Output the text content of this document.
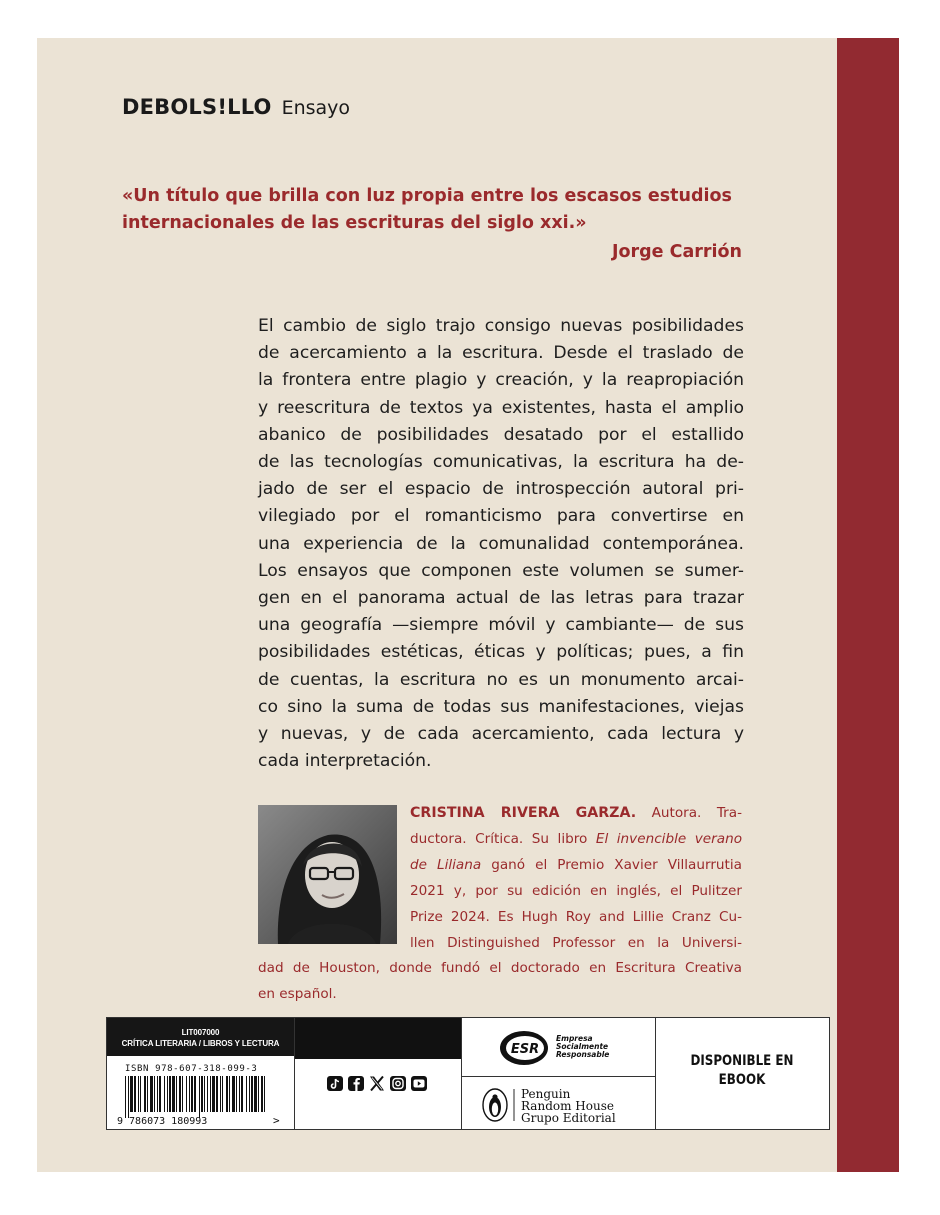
DEBOLS!LLO Ensayo
«Un título que brilla con luz propia entre los escasos estudios
internacionales de las escrituras del siglo xxi.»
Jorge Carrión
El cambio de siglo trajo consigo nuevas posibilidades
de acercamiento a la escritura. Desde el traslado de
la frontera entre plagio y creación, y la reapropiación
y reescritura de textos ya existentes, hasta el amplio
abanico de posibilidades desatado por el estallido
de las tecnologías comunicativas, la escritura ha de-
jado de ser el espacio de introspección autoral pri-
vilegiado por el romanticismo para convertirse en
una experiencia de la comunalidad contemporánea.
Los ensayos que componen este volumen se sumer-
gen en el panorama actual de las letras para trazar
una geografía —siempre móvil y cambiante— de sus
posibilidades estéticas, éticas y políticas; pues, a fin
de cuentas, la escritura no es un monumento arcai-
co sino la suma de todas sus manifestaciones, viejas
y nuevas, y de cada acercamiento, cada lectura y
cada interpretación.
CRISTINA RIVERA GARZA. Autora. Tra-
ductora. Crítica. Su libro El invencible verano
de Liliana ganó el Premio Xavier Villaurrutia
2021 y, por su edición en inglés, el Pulitzer
Prize 2024. Es Hugh Roy and Lillie Cranz Cu-
llen Distinguished Professor en la Universi-
dad de Houston, donde fundó el doctorado en Escritura Creativa
en español.
LIT007000
CRÍTICA LITERARIA / LIBROS Y LECTURA
ISBN 978-607-318-099-3
9 786073 180993	>
ESR
Empresa
Socialmente
Responsable
Penguin
Random House
Grupo Editorial
DISPONIBLE EN
EBOOK
